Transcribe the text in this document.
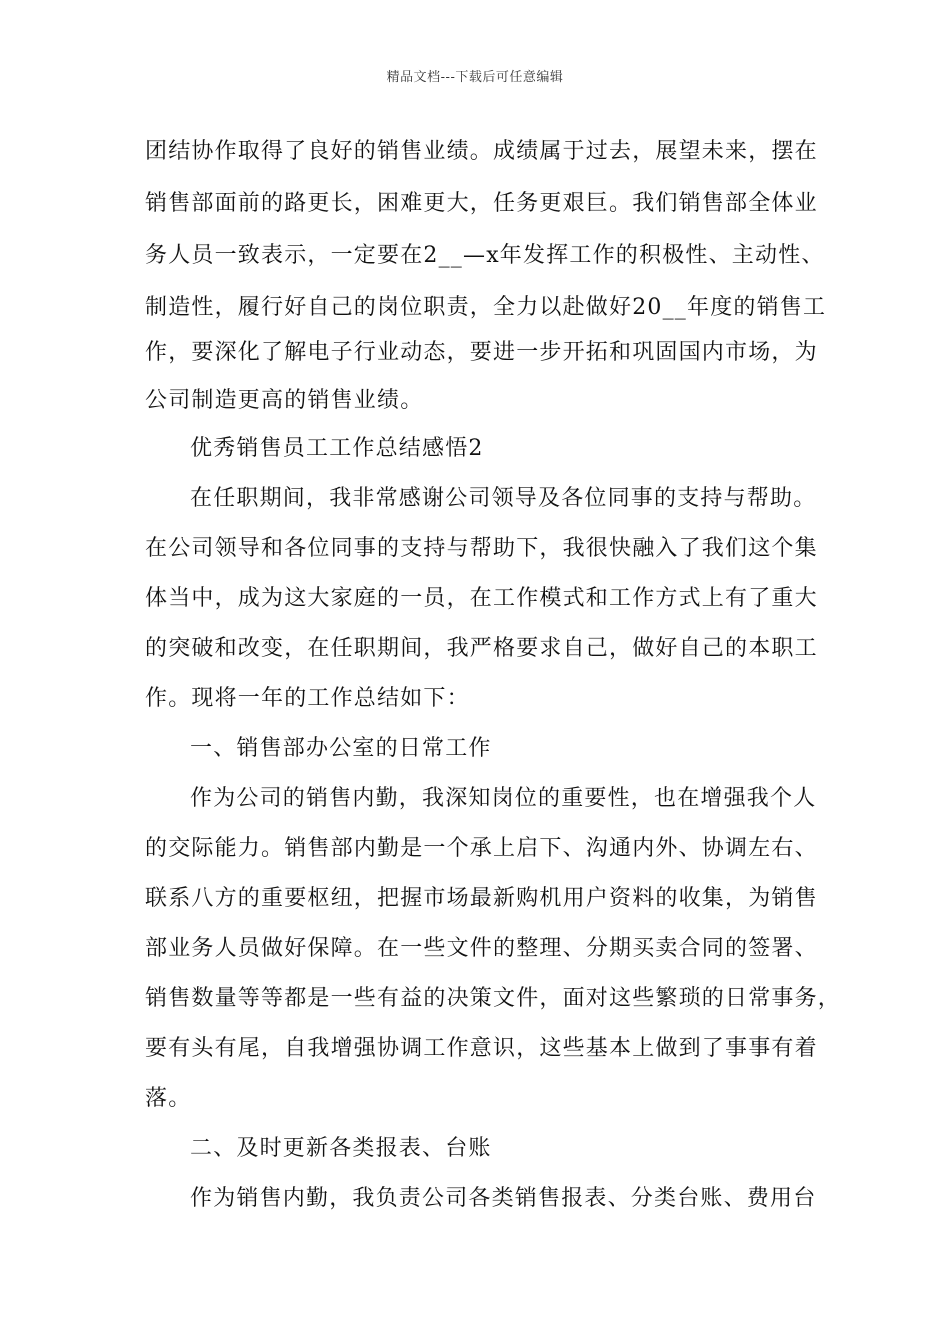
精品文档---下载后可任意编辑
团结协作取得了良好的销售业绩。成绩属于过去，展望未来，摆在
销售部面前的路更长，困难更大，任务更艰巨。我们销售部全体业
务人员一致表示，一定要在2__—x年发挥工作的积极性、主动性、
制造性，履行好自己的岗位职责，全力以赴做好20__年度的销售工
作，要深化了解电子行业动态，要进一步开拓和巩固国内市场，为
公司制造更高的销售业绩。
优秀销售员工工作总结感悟2
在任职期间，我非常感谢公司领导及各位同事的支持与帮助。
在公司领导和各位同事的支持与帮助下，我很快融入了我们这个集
体当中，成为这大家庭的一员，在工作模式和工作方式上有了重大
的突破和改变，在任职期间，我严格要求自己，做好自己的本职工
作。现将一年的工作总结如下：
一、销售部办公室的日常工作
作为公司的销售内勤，我深知岗位的重要性，也在增强我个人
的交际能力。销售部内勤是一个承上启下、沟通内外、协调左右、
联系八方的重要枢纽，把握市场最新购机用户资料的收集，为销售
部业务人员做好保障。在一些文件的整理、分期买卖合同的签署、
销售数量等等都是一些有益的决策文件，面对这些繁琐的日常事务，
要有头有尾，自我增强协调工作意识，这些基本上做到了事事有着
落。
二、及时更新各类报表、台账
作为销售内勤，我负责公司各类销售报表、分类台账、费用台
